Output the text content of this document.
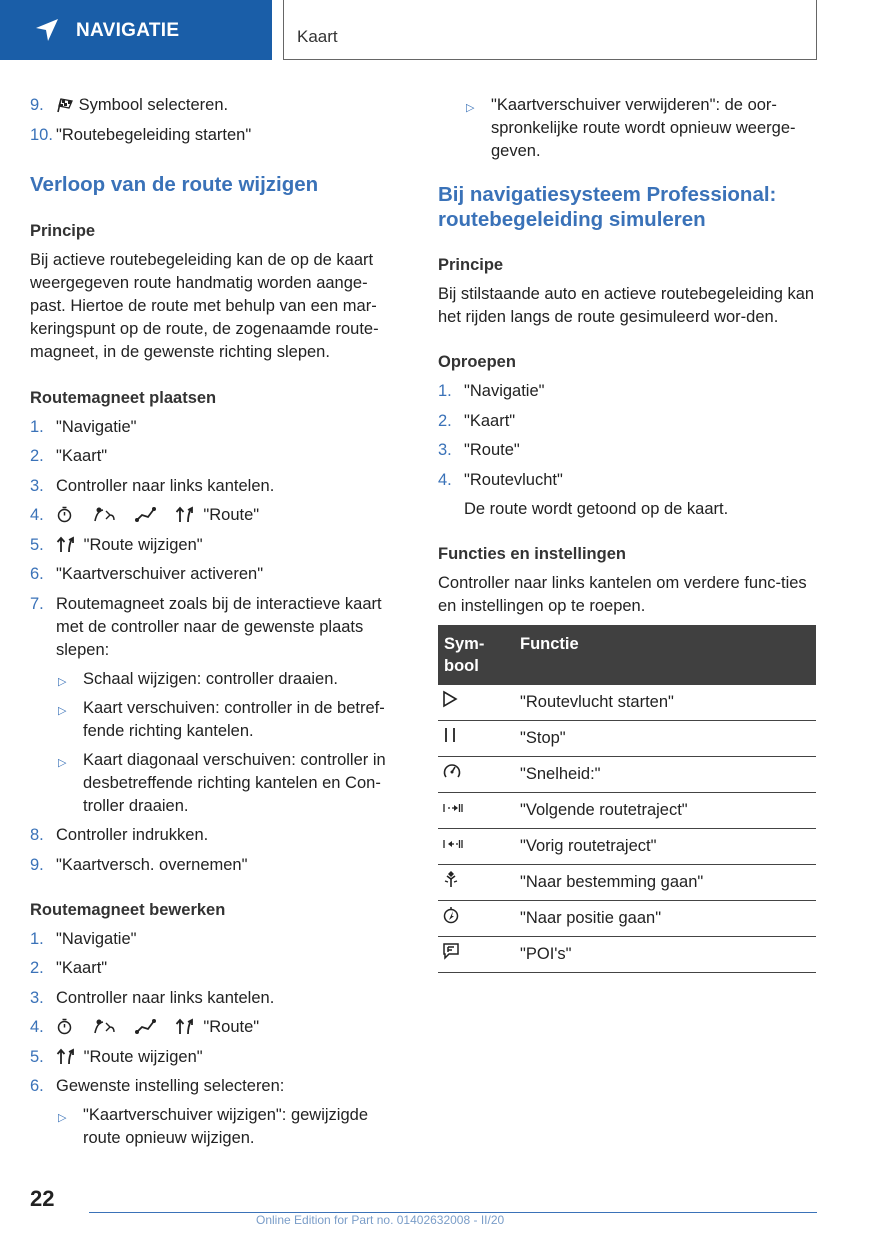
NAVIGATIE	Kaart
9. Symbool selecteren.
10. "Routebegeleiding starten"
Verloop van de route wijzigen
Principe

Bij actieve routebegeleiding kan de op de kaart weergegeven route handmatig worden aange-past. Hiertoe de route met behulp van een mar-keringspunt op de route, de zogenaamde route-magneet, in de gewenste richting slepen.

Routemagneet plaatsen
1. "Navigatie"
2. "Kaart"
3. Controller naar links kantelen.
4.	"Route"
5. "Route wijzigen"
6. "Kaartverschuiver activeren"
7. Routemagneet zoals bij de interactieve kaart met de controller naar de gewenste plaats slepen:
▷ Schaal wijzigen: controller draaien.
▷ Kaart verschuiven: controller in de betref-fende richting kantelen.
▷ Kaart diagonaal verschuiven: controller in desbetreffende richting kantelen en Con-troller draaien.
8. Controller indrukken.
9. "Kaartversch. overnemen"
Routemagneet bewerken
1. "Navigatie"
2. "Kaart"
3. Controller naar links kantelen.
4.	"Route"
5. "Route wijzigen"
6. Gewenste instelling selecteren:
▷ "Kaartverschuiver wijzigen": gewijzigde route opnieuw wijzigen.
▷ "Kaartverschuiver verwijderen": de oor-spronkelijke route wordt opnieuw weerge-geven.
Bij navigatiesysteem Professional: routebegeleiding simuleren
Principe

Bij stilstaande auto en actieve routebegeleiding kan het rijden langs de route gesimuleerd wor-den.

Oproepen
1. "Navigatie"
2. "Kaart"
3. "Route"
4. "Routevlucht"
De route wordt getoond op de kaart.
Functies en instellingen

Controller naar links kantelen om verdere func-ties en instellingen op te roepen.

Sym-
bool	Functie
	"Routevlucht starten"
	"Stop"
	"Snelheid:"
	"Volgende routetraject"
	"Vorig routetraject"
	"Naar bestemming gaan"
	"Naar positie gaan"
	"POI's"
22
Online Edition for Part no. 01402632008 - II/20
